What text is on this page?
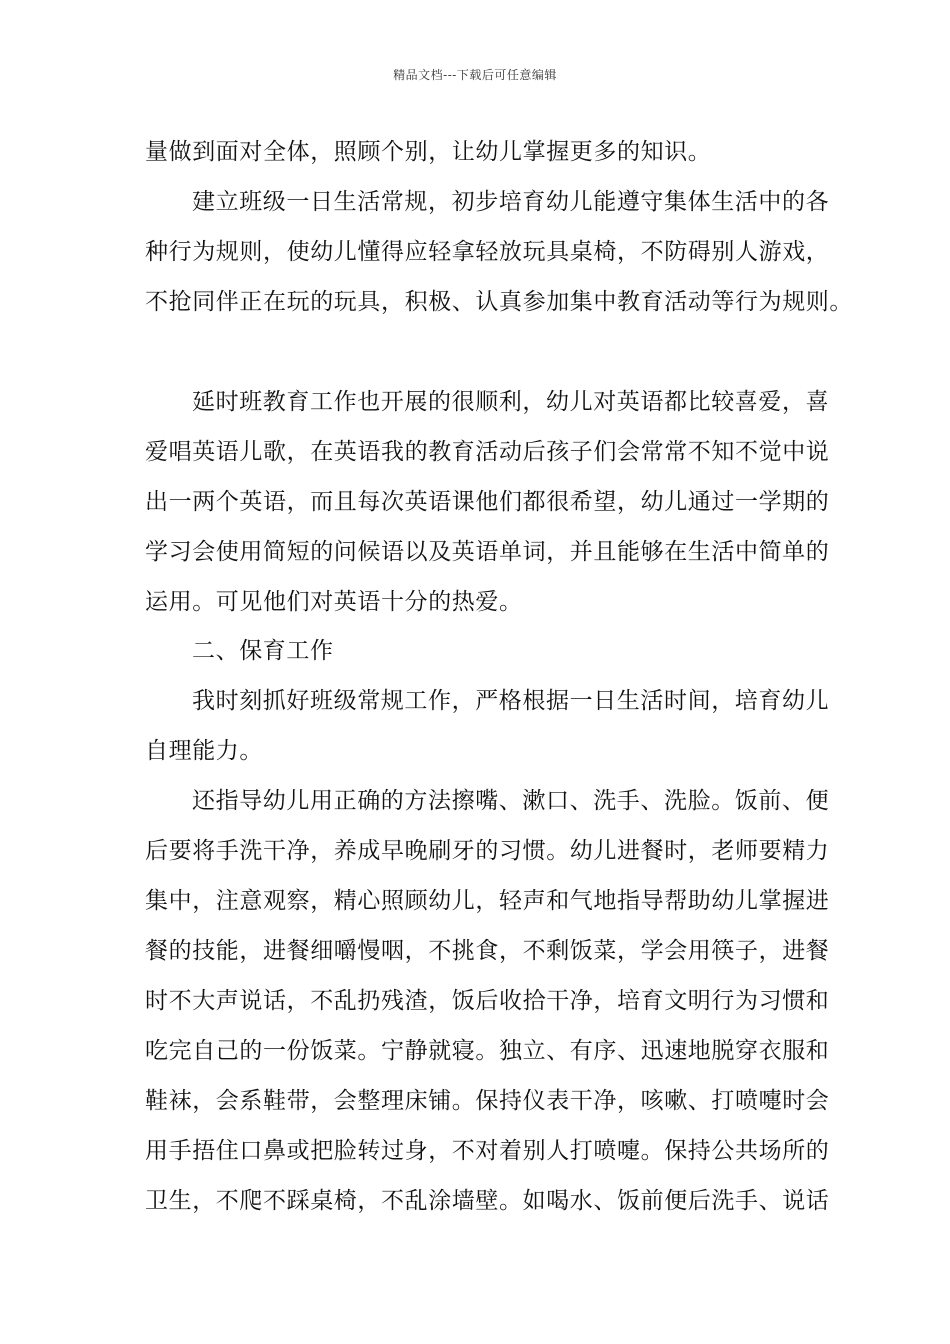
精品文档---下载后可任意编辑
量做到面对全体，照顾个别，让幼儿掌握更多的知识。
建立班级一日生活常规，初步培育幼儿能遵守集体生活中的各
种行为规则，使幼儿懂得应轻拿轻放玩具桌椅，不防碍别人游戏，
不抢同伴正在玩的玩具，积极、认真参加集中教育活动等行为规则。
延时班教育工作也开展的很顺利，幼儿对英语都比较喜爱，喜
爱唱英语儿歌，在英语我的教育活动后孩子们会常常不知不觉中说
出一两个英语，而且每次英语课他们都很希望，幼儿通过一学期的
学习会使用简短的问候语以及英语单词，并且能够在生活中简单的
运用。可见他们对英语十分的热爱。
二、保育工作
我时刻抓好班级常规工作，严格根据一日生活时间，培育幼儿
自理能力。
还指导幼儿用正确的方法擦嘴、漱口、洗手、洗脸。饭前、便
后要将手洗干净，养成早晚刷牙的习惯。幼儿进餐时，老师要精力
集中，注意观察，精心照顾幼儿，轻声和气地指导帮助幼儿掌握进
餐的技能，进餐细嚼慢咽，不挑食，不剩饭菜，学会用筷子，进餐
时不大声说话，不乱扔残渣，饭后收拾干净，培育文明行为习惯和
吃完自己的一份饭菜。宁静就寝。独立、有序、迅速地脱穿衣服和
鞋袜，会系鞋带，会整理床铺。保持仪表干净，咳嗽、打喷嚏时会
用手捂住口鼻或把脸转过身，不对着别人打喷嚏。保持公共场所的
卫生，不爬不踩桌椅，不乱涂墙壁。如喝水、饭前便后洗手、说话
